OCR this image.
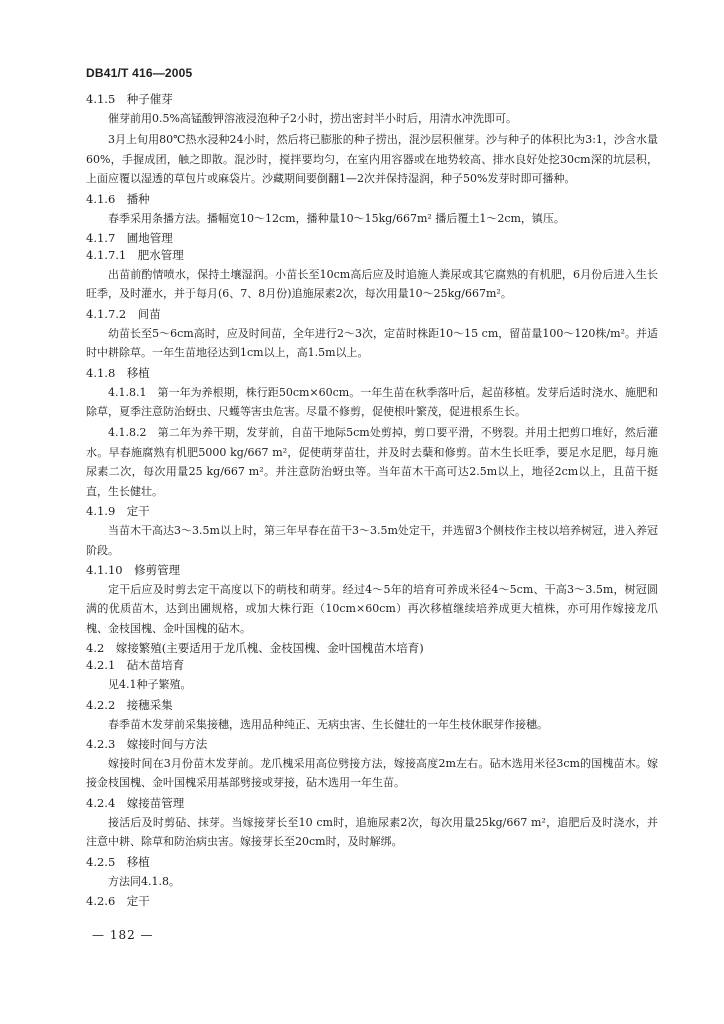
DB41/T 416—2005
4.1.5　种子催芽
催芽前用0.5%高锰酸钾溶液浸泡种子2小时，捞出密封半小时后，用清水冲洗即可。
3月上旬用80℃热水浸种24小时，然后将已膨胀的种子捞出，混沙层积催芽。沙与种子的体积比为3:1，沙含水量60%，手握成团，触之即散。混沙时，搅拌要均匀，在室内用容器或在地势较高、排水良好处挖30cm深的坑层积，上面应覆以湿透的草包片或麻袋片。沙藏期间要倒翻1—2次并保持湿润，种子50%发芽时即可播种。
4.1.6　播种
春季采用条播方法。播幅宽10～12cm，播种量10～15kg/667m² 播后覆土1～2cm，镇压。
4.1.7　圃地管理
4.1.7.1　肥水管理
出苗前酌情喷水，保持土壤湿润。小苗长至10cm高后应及时追施人粪尿或其它腐熟的有机肥，6月份后进入生长旺季，及时灌水，并于每月(6、7、8月份)追施尿素2次，每次用量10～25kg/667m²。
4.1.7.2　间苗
幼苗长至5～6cm高时，应及时间苗，全年进行2～3次，定苗时株距10～15 cm，留苗量100～120株/m²。并适时中耕除草。一年生苗地径达到1cm以上，高1.5m以上。
4.1.8　移植
4.1.8.1　第一年为养根期，株行距50cm×60cm。一年生苗在秋季落叶后，起苗移植。发芽后适时浇水、施肥和除草，夏季注意防治蚜虫、尺蠖等害虫危害。尽量不修剪，促使根叶繁茂，促进根系生长。
4.1.8.2　第二年为养干期，发芽前，自苗干地际5cm处剪掉，剪口要平滑，不劈裂。并用土把剪口堆好，然后灌水。早春施腐熟有机肥5000 kg/667 m²，促使萌芽苗壮，并及时去蘖和修剪。苗木生长旺季，要足水足肥，每月施尿素二次，每次用量25 kg/667 m²。并注意防治蚜虫等。当年苗木干高可达2.5m以上，地径2cm以上，且苗干挺直，生长健壮。
4.1.9　定干
当苗木干高达3～3.5m以上时，第三年早春在苗干3～3.5m处定干，并选留3个侧枝作主枝以培养树冠，进入养冠阶段。
4.1.10　修剪管理
定干后应及时剪去定干高度以下的萌枝和萌芽。经过4～5年的培育可养成米径4～5cm、干高3～3.5m，树冠圆满的优质苗木，达到出圃规格，或加大株行距（10cm×60cm）再次移植继续培养成更大植株，亦可用作嫁接龙爪槐、金枝国槐、金叶国槐的砧木。
4.2　嫁接繁殖(主要适用于龙爪槐、金枝国槐、金叶国槐苗木培育)
4.2.1　砧木苗培育
见4.1种子繁殖。
4.2.2　接穗采集
春季苗木发芽前采集接穗，选用品种纯正、无病虫害、生长健壮的一年生枝休眠芽作接穗。
4.2.3　嫁接时间与方法
嫁接时间在3月份苗木发芽前。龙爪槐采用高位劈接方法，嫁接高度2m左右。砧木选用米径3cm的国槐苗木。嫁接金枝国槐、金叶国槐采用基部劈接或芽接，砧木选用一年生苗。
4.2.4　嫁接苗管理
接活后及时剪砧、抹芽。当嫁接芽长至10 cm时，追施尿素2次，每次用量25kg/667 m²，追肥后及时浇水，并注意中耕、除草和防治病虫害。嫁接芽长至20cm时，及时解绑。
4.2.5　移植
方法同4.1.8。
4.2.6　定干
— 182 —
